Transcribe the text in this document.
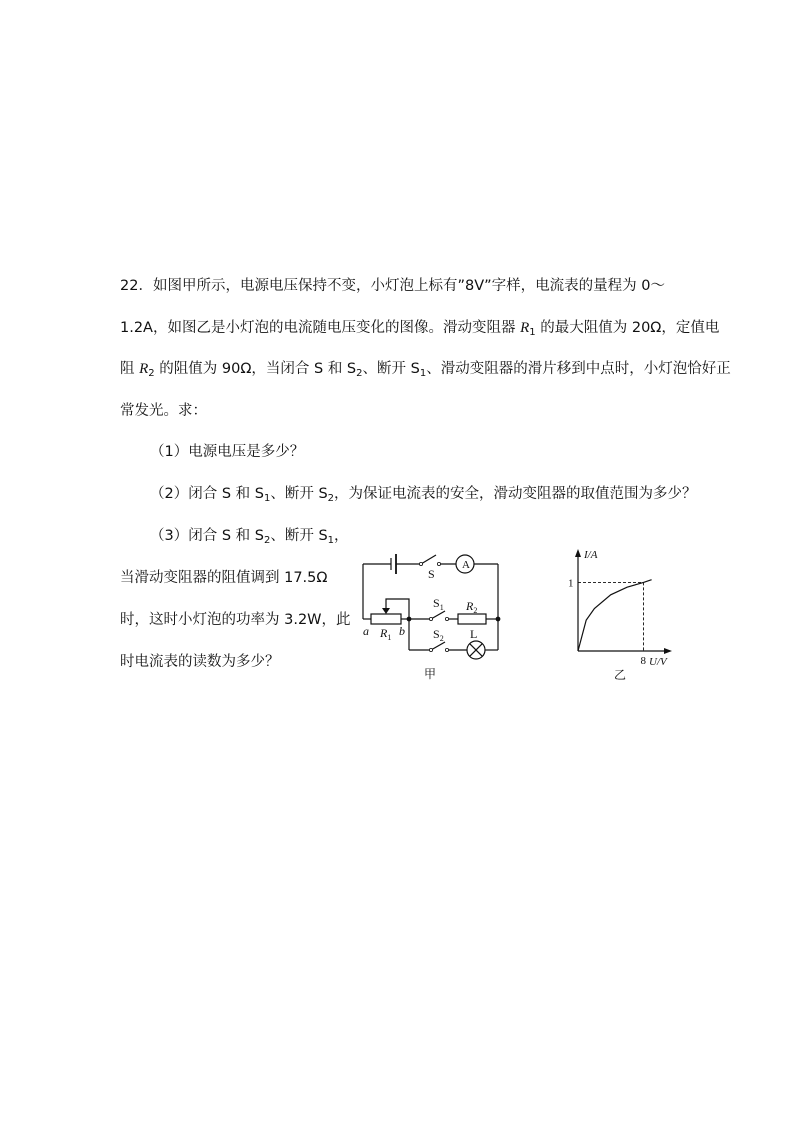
22．如图甲所示，电源电压保持不变，小灯泡上标有”8V”字样，电流表的量程为 0～
1.2A，如图乙是小灯泡的电流随电压变化的图像。滑动变阻器 $R_1$ 的最大阻值为 20Ω，定值电
阻 $R_2$ 的阻值为 90Ω，当闭合 S 和 $S_2$、断开 $S_1$、滑动变阻器的滑片移到中点时，小灯泡恰好正
常发光。求：
（1）电源电压是多少？
（2）闭合 S 和 $S_1$、断开 $S_2$，为保证电流表的安全，滑动变阻器的取值范围为多少？
（3）闭合 S 和 $S_2$、断开 $S_1$，
当滑动变阻器的阻值调到 17.5Ω
时，这时小灯泡的功率为 3.2W，此
时电流表的读数为多少？
A
S
$S_1$ $R_2$
a $R_1$ b $S_2$ L
甲
I/A
U/V
1
8
乙
